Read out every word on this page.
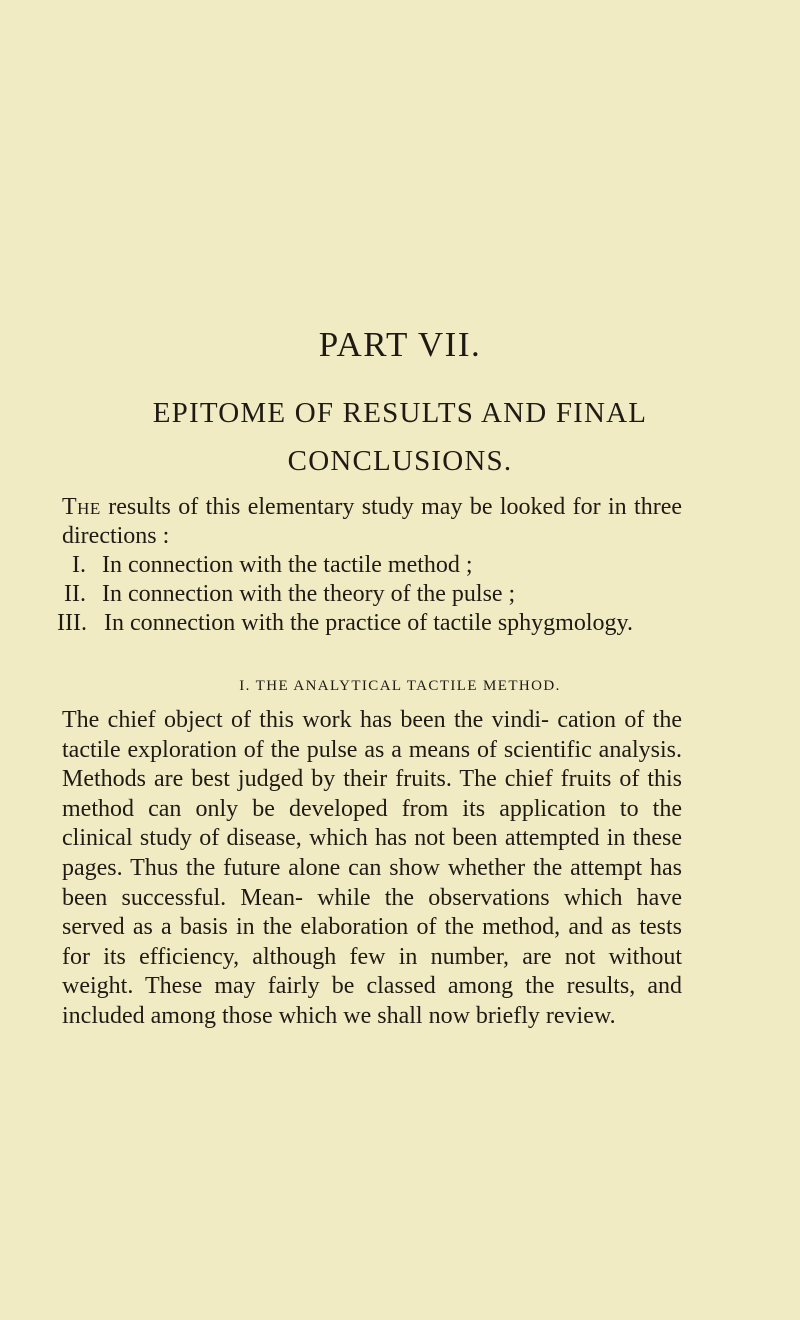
PART VII.
EPITOME OF RESULTS AND FINAL
CONCLUSIONS.

The results of this elementary study may be looked for in three directions :

I. In connection with the tactile method ;
II. In connection with the theory of the pulse ;
III. In connection with the practice of tactile sphygmology.
I. THE ANALYTICAL TACTILE METHOD.

The chief object of this work has been the vindi- cation of the tactile exploration of the pulse as a means of scientific analysis. Methods are best judged by their fruits. The chief fruits of this method can only be developed from its application to the clinical study of disease, which has not been attempted in these pages. Thus the future alone can show whether the attempt has been successful. Mean- while the observations which have served as a basis in the elaboration of the method, and as tests for its efficiency, although few in number, are not without weight. These may fairly be classed among the results, and included among those which we shall now briefly review.
